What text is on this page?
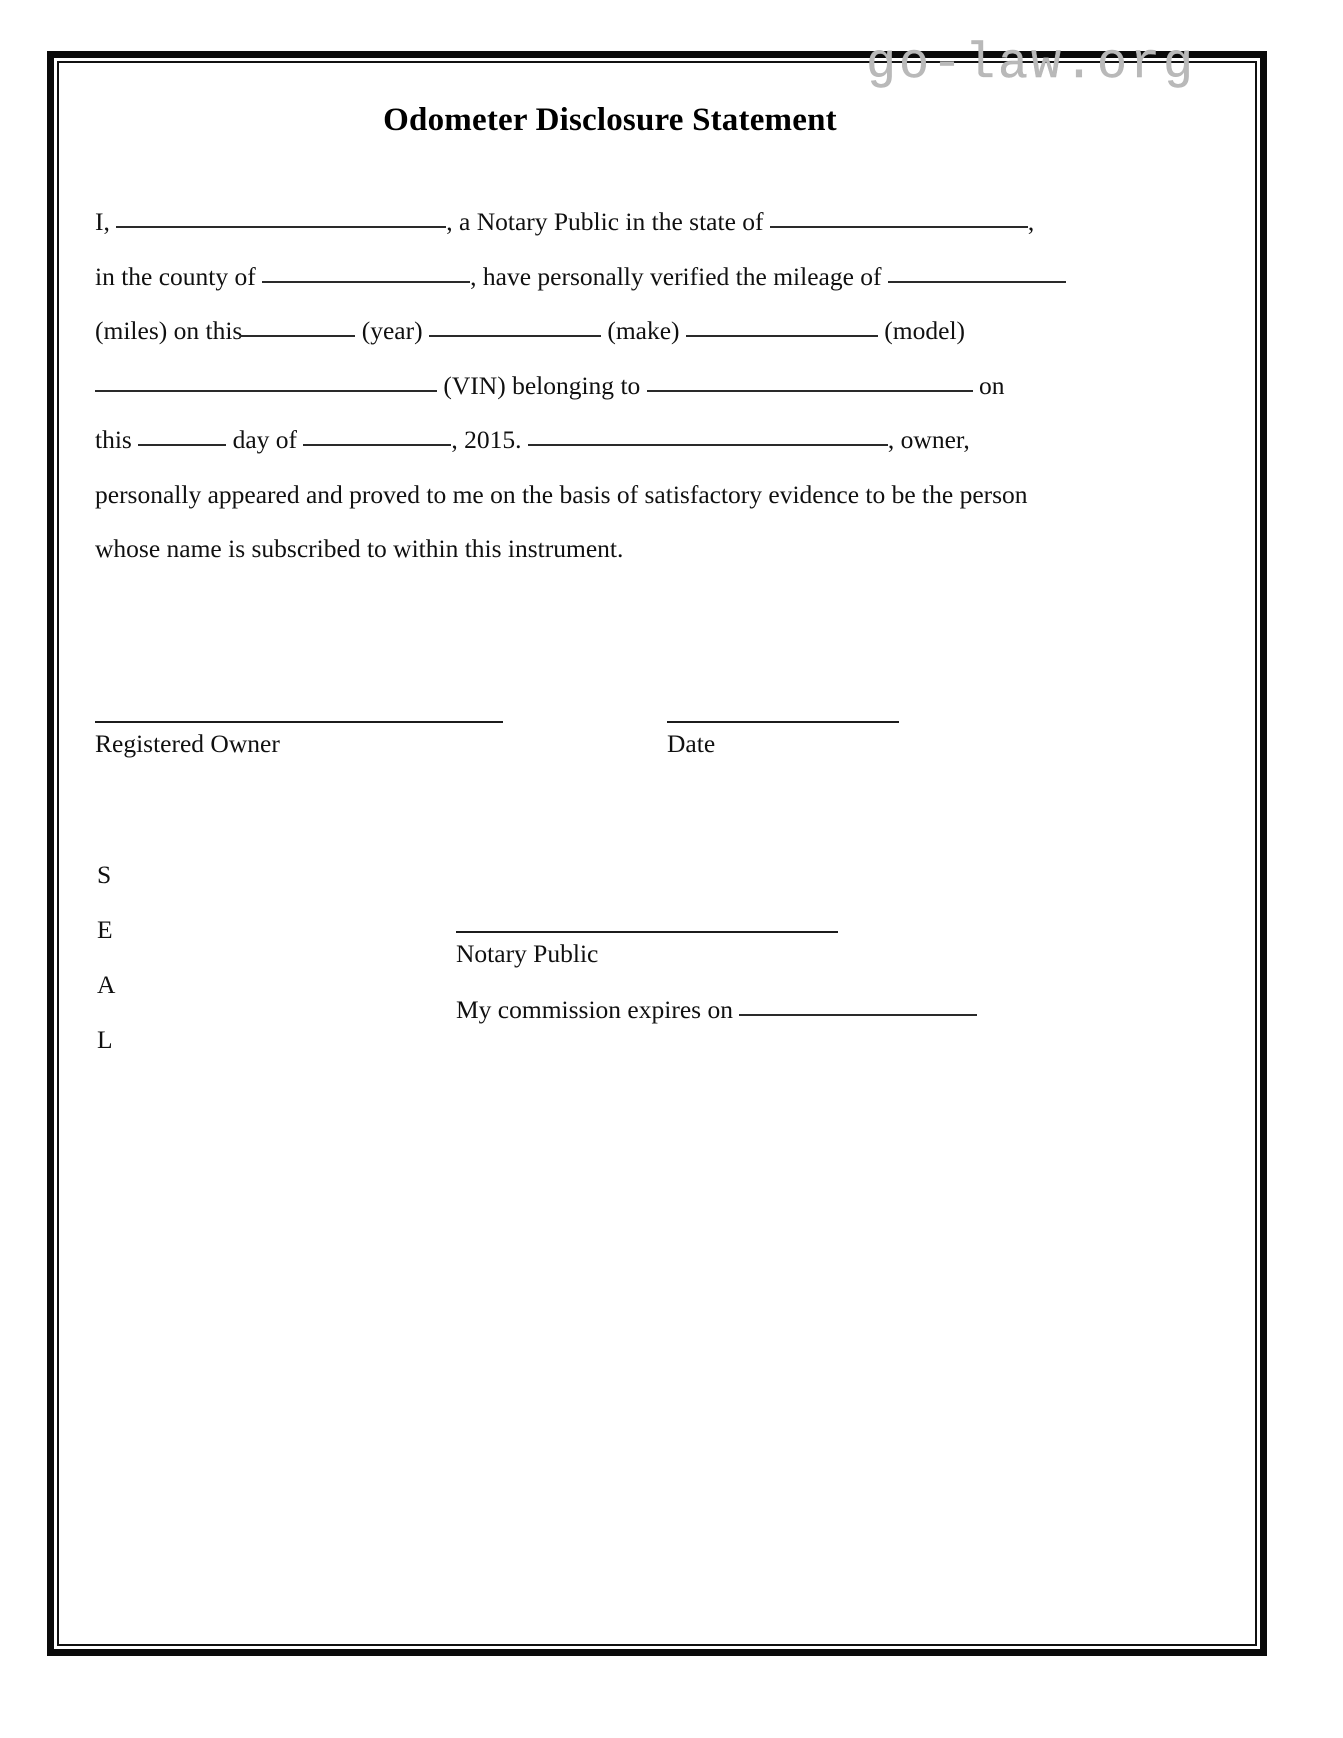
go-law.org
Odometer Disclosure Statement

I,	, a Notary Public in the state of	,

in the county of	, have personally verified the mileage of

(miles) on this	(year)	(make)	(model)

(VIN) belonging to	on

this	day of	, 2015.	, owner,

personally appeared and proved to me on the basis of satisfactory evidence to be the person

whose name is subscribed to within this instrument.

Registered Owner	Date
S
E
A
L
Notary Public
My commission expires on
